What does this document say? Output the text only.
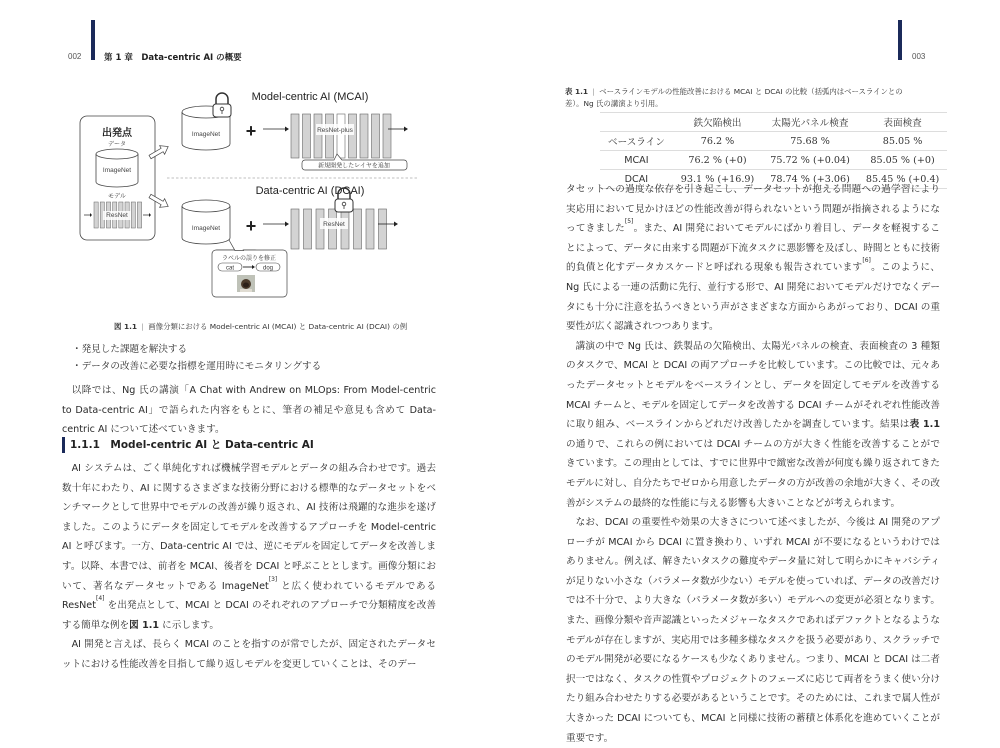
002	第 1 章　Data-centric AI の概要
出発点
データ
ImageNet
モデル
ResNet
Model-centric AI (MCAI)
ImageNet +	ResNet-plus
新規開発したレイヤを追加
Data-centric AI (DCAI)
ImageNet +	ResNet
ラベルの誤りを修正
cat	dog
図 1.1 | 画像分類における Model-centric AI (MCAI) と Data-centric AI (DCAI) の例
・発見した課題を解決する
・データの改善に必要な指標を運用時にモニタリングする

以降では、Ng 氏の講演「A Chat with Andrew on MLOps: From Model-centric to Data-centric AI」で語られた内容をもとに、筆者の補足や意見も含めて Data-centric AI について述べていきます。

1.1.1　Model-centric AI と Data-centric AI

AI システムは、ごく単純化すれば機械学習モデルとデータの組み合わせです。過去数十年にわたり、AI に関するさまざまな技術分野における標準的なデータセットをベンチマークとして世界中でモデルの改善が繰り返され、AI 技術は飛躍的な進歩を遂げました。このようにデータを固定してモデルを改善するアプローチを Model-centric AI と呼びます。一方、Data-centric AI では、逆にモデルを固定してデータを改善します。以降、本書では、前者を MCAI、後者を DCAI と呼ぶこととします。画像分類において、著名なデータセットである ImageNet[3] と広く使われているモデルである ResNet[4] を出発点として、MCAI と DCAI のそれぞれのアプローチで分類精度を改善する簡単な例を図 1.1 に示します。

AI 開発と言えば、長らく MCAI のことを指すのが常でしたが、固定されたデータセットにおける性能改善を目指して繰り返しモデルを変更していくことは、そのデー

003
表 1.1 | ベースラインモデルの性能改善における MCAI と DCAI の比較（括弧内はベースラインとの差）。Ng 氏の講演より引用。
	鉄欠陥検出	太陽光パネル検査	表面検査
ベースライン	76.2 %	75.68 %	85.05 %
MCAI	76.2 % (+0)	75.72 % (+0.04)	85.05 % (+0)
DCAI	93.1 % (+16.9)	78.74 % (+3.06)	85.45 % (+0.4)

タセットへの過度な依存を引き起こし、データセットが抱える問題への過学習により実応用において見かけほどの性能改善が得られないという問題が指摘されるようになってきました[5]。また、AI 開発においてモデルにばかり着目し、データを軽視することによって、データに由来する問題が下流タスクに悪影響を及ぼし、時間とともに技術的負債と化すデータカスケードと呼ばれる現象も報告されています[6]。このように、Ng 氏による一連の活動に先行、並行する形で、AI 開発においてモデルだけでなくデータにも十分に注意を払うべきという声がさまざまな方面からあがっており、DCAI の重要性が広く認識されつつあります。

講演の中で Ng 氏は、鉄製品の欠陥検出、太陽光パネルの検査、表面検査の 3 種類のタスクで、MCAI と DCAI の両アプローチを比較しています。この比較では、元々あったデータセットとモデルをベースラインとし、データを固定してモデルを改善する MCAI チームと、モデルを固定してデータを改善する DCAI チームがそれぞれ性能改善に取り組み、ベースラインからどれだけ改善したかを調査しています。結果は表 1.1 の通りで、これらの例においては DCAI チームの方が大きく性能を改善することができています。この理由としては、すでに世界中で緻密な改善が何度も繰り返されてきたモデルに対し、自分たちでゼロから用意したデータの方が改善の余地が大きく、その改善がシステムの最終的な性能に与える影響も大きいことなどが考えられます。

なお、DCAI の重要性や効果の大きさについて述べましたが、今後は AI 開発のアプローチが MCAI から DCAI に置き換わり、いずれ MCAI が不要になるというわけではありません。例えば、解きたいタスクの難度やデータ量に対して明らかにキャパシティが足りない小さな（パラメータ数が少ない）モデルを使っていれば、データの改善だけでは不十分で、より大きな（パラメータ数が多い）モデルへの変更が必須となります。また、画像分類や音声認識といったメジャーなタスクであればデファクトとなるようなモデルが存在しますが、実応用では多種多様なタスクを扱う必要があり、スクラッチでのモデル開発が必要になるケースも少なくありません。つまり、MCAI と DCAI は二者択一ではなく、タスクの性質やプロジェクトのフェーズに応じて両者をうまく使い分けたり組み合わせたりする必要があるということです。そのためには、これまで属人性が大きかった DCAI についても、MCAI と同様に技術の蓄積と体系化を進めていくことが重要です。
